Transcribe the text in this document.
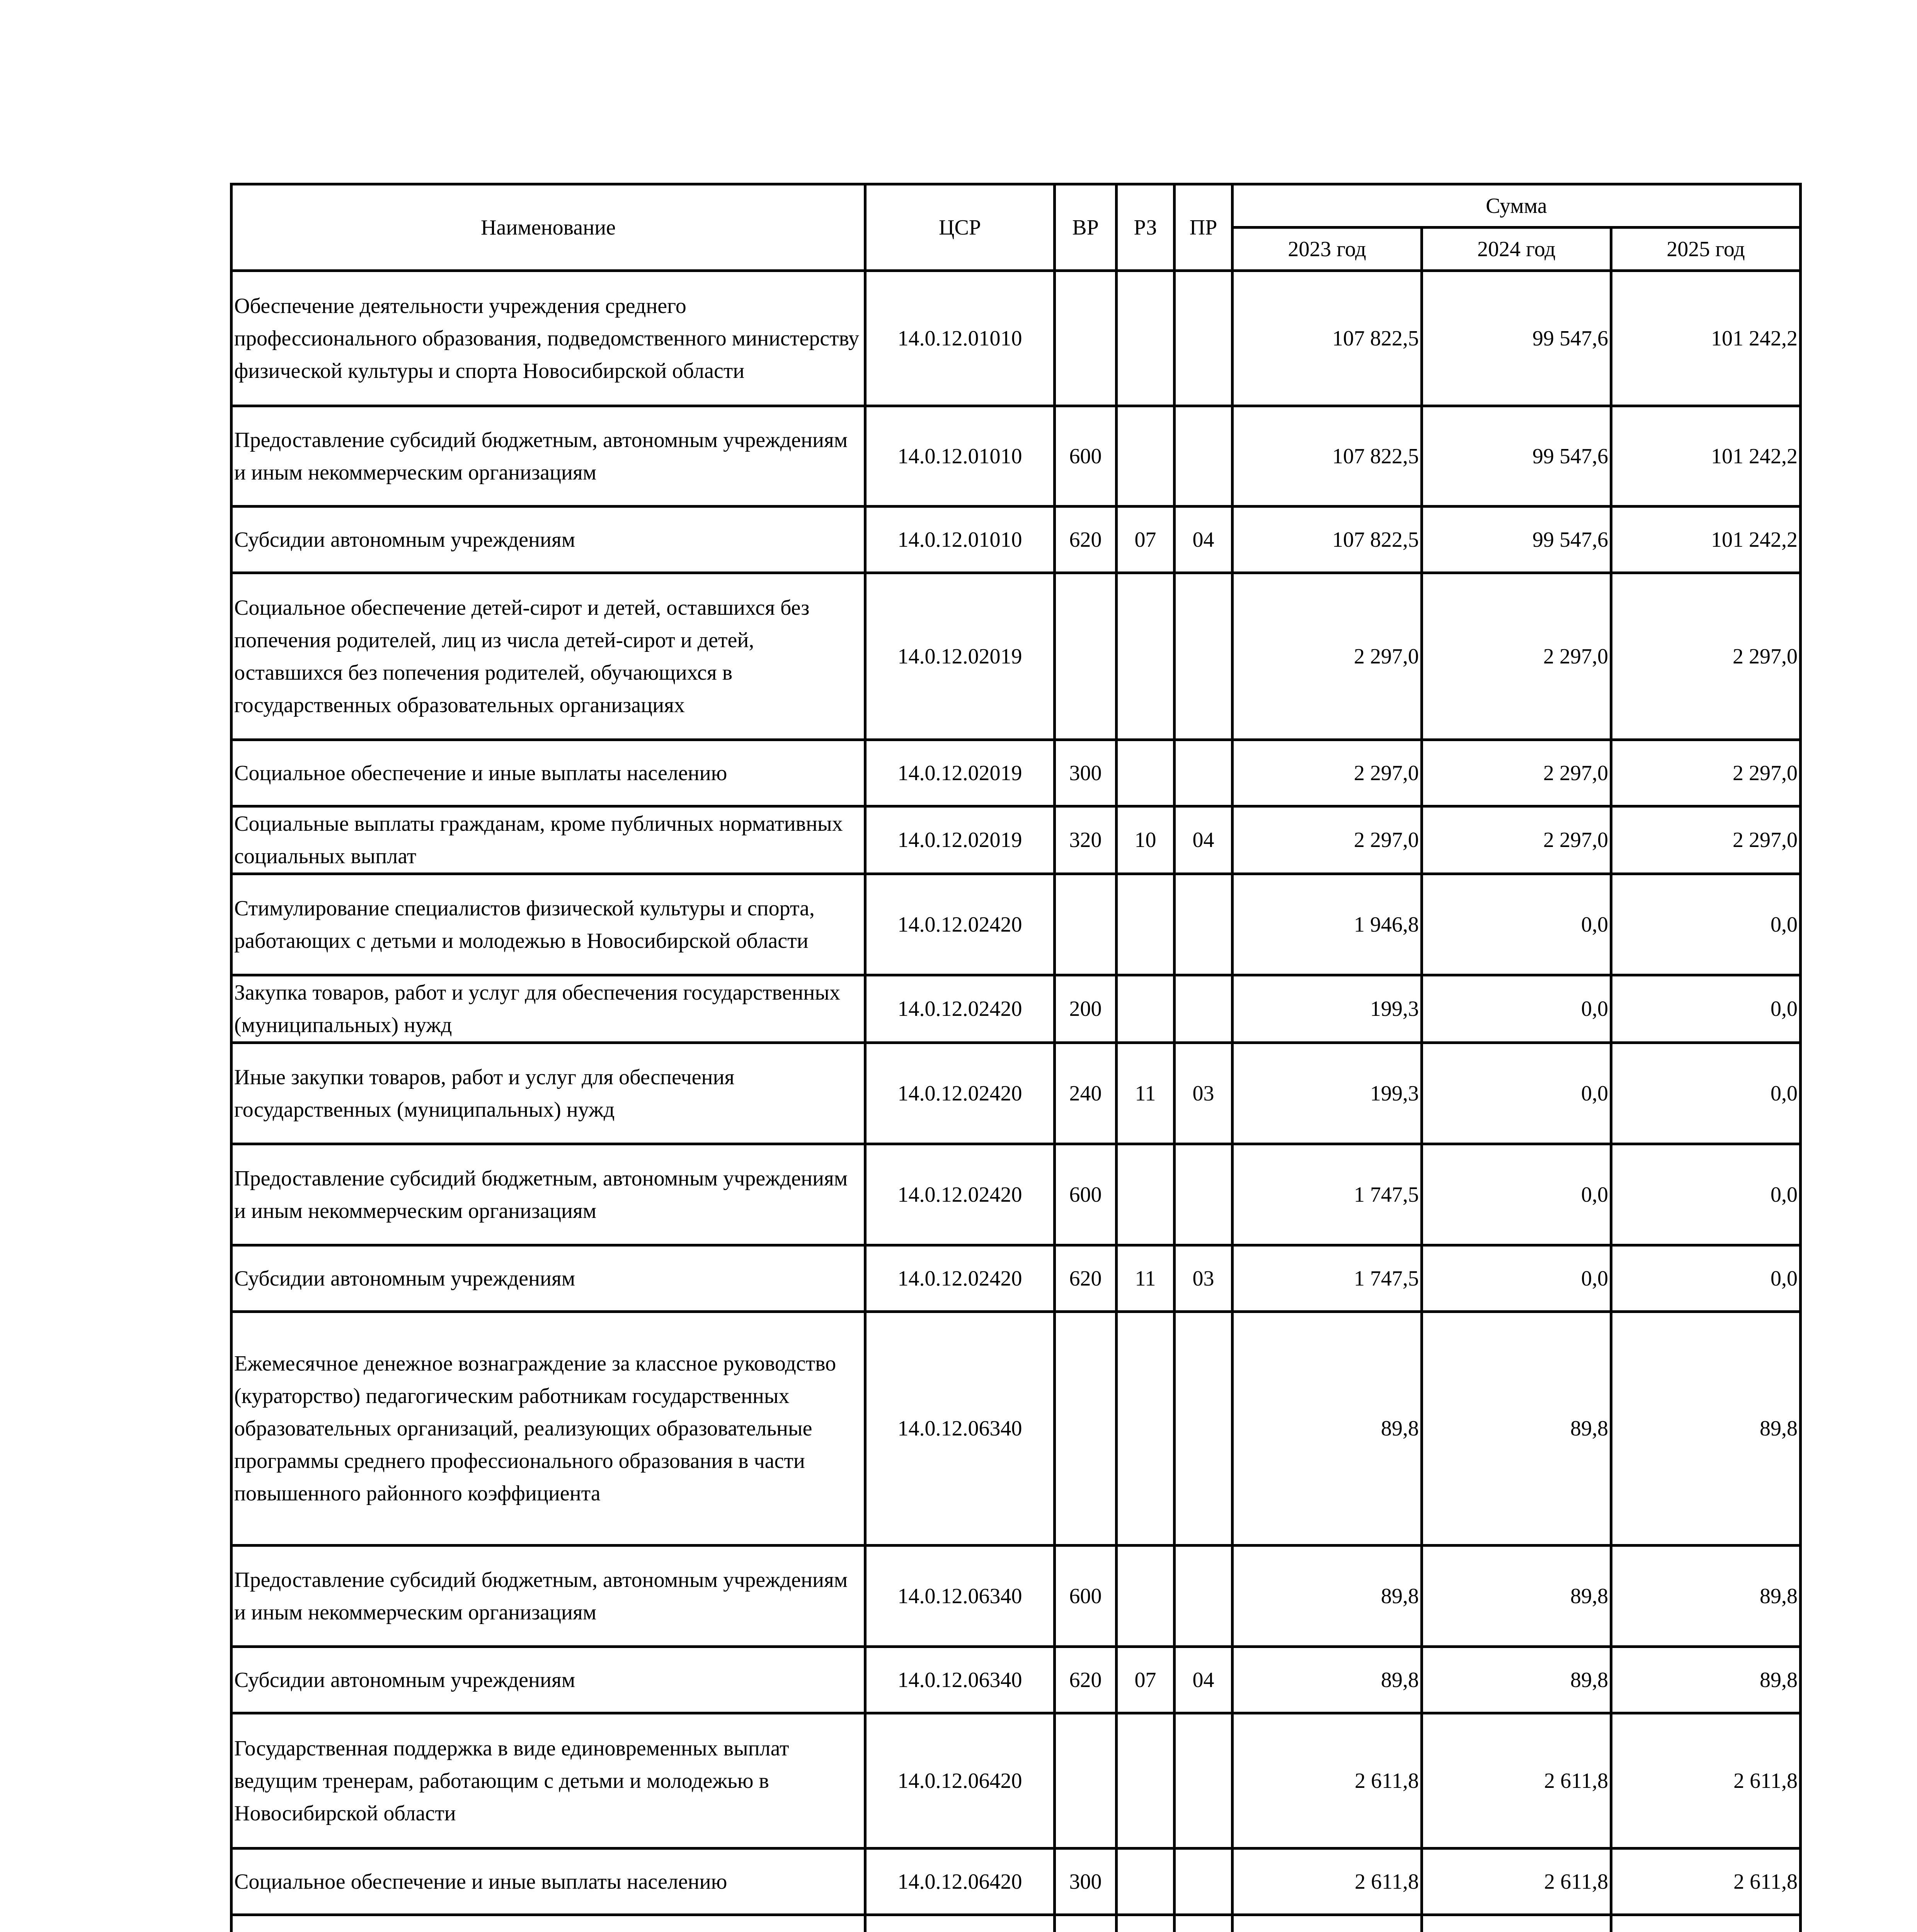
Наименование	ЦСР	ВР	РЗ	ПР	Сумма		
					2023 год	2024 год	2025 год
Обеспечение деятельности учреждения среднего профессионального образования, подведомственного министерству физической культуры и спорта Новосибирской области	14.0.12.01010				107 822,5	99 547,6	101 242,2
Предоставление субсидий бюджетным, автономным учреждениям и иным некоммерческим организациям	14.0.12.01010	600			107 822,5	99 547,6	101 242,2
Субсидии автономным учреждениям	14.0.12.01010	620	07	04	107 822,5	99 547,6	101 242,2
Социальное обеспечение детей-сирот и детей, оставшихся без попечения родителей, лиц из числа детей-сирот и детей, оставшихся без попечения родителей, обучающихся в государственных образовательных организациях	14.0.12.02019				2 297,0	2 297,0	2 297,0
Социальное обеспечение и иные выплаты населению	14.0.12.02019	300			2 297,0	2 297,0	2 297,0
Социальные выплаты гражданам, кроме публичных нормативных социальных выплат	14.0.12.02019	320	10	04	2 297,0	2 297,0	2 297,0
Стимулирование специалистов физической культуры и спорта, работающих с детьми и молодежью в Новосибирской области	14.0.12.02420				1 946,8	0,0	0,0
Закупка товаров, работ и услуг для обеспечения государственных (муниципальных) нужд	14.0.12.02420	200			199,3	0,0	0,0
Иные закупки товаров, работ и услуг для обеспечения государственных (муниципальных) нужд	14.0.12.02420	240	11	03	199,3	0,0	0,0
Предоставление субсидий бюджетным, автономным учреждениям и иным некоммерческим организациям	14.0.12.02420	600			1 747,5	0,0	0,0
Субсидии автономным учреждениям	14.0.12.02420	620	11	03	1 747,5	0,0	0,0
Ежемесячное денежное вознаграждение за классное руководство (кураторство) педагогическим работникам государственных образовательных организаций, реализующих образовательные программы среднего профессионального образования в части повышенного районного коэффициента	14.0.12.06340				89,8	89,8	89,8
Предоставление субсидий бюджетным, автономным учреждениям и иным некоммерческим организациям	14.0.12.06340	600			89,8	89,8	89,8
Субсидии автономным учреждениям	14.0.12.06340	620	07	04	89,8	89,8	89,8
Государственная поддержка в виде единовременных выплат ведущим тренерам, работающим с детьми и молодежью в Новосибирской области	14.0.12.06420				2 611,8	2 611,8	2 611,8
Социальное обеспечение и иные выплаты населению	14.0.12.06420	300			2 611,8	2 611,8	2 611,8
